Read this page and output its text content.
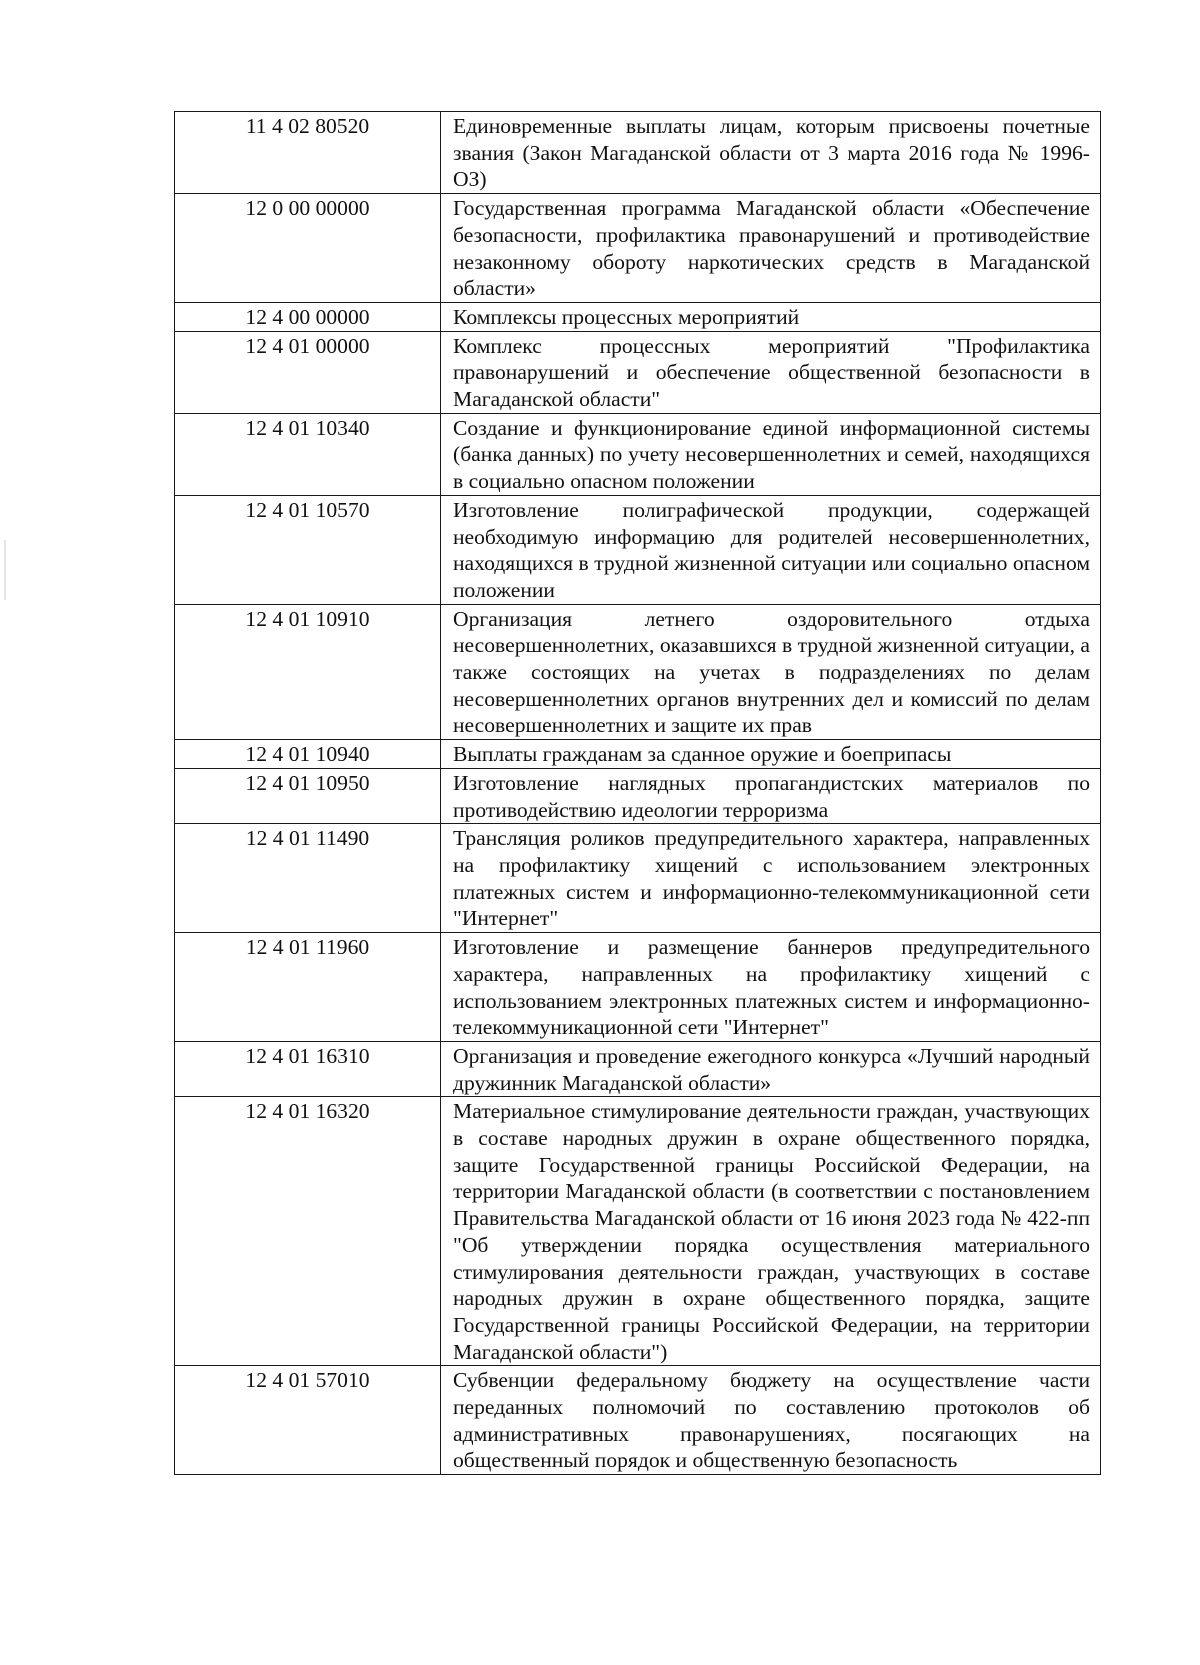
11 4 02 80520	Единовременные выплаты лицам, которым присвоены почетные звания (Закон Магаданской области от 3 марта 2016 года № 1996-ОЗ)
12 0 00 00000	Государственная программа Магаданской области «Обеспечение безопасности, профилактика правонарушений и противодействие незаконному обороту наркотических средств в Магаданской области»
12 4 00 00000	Комплексы процессных мероприятий
12 4 01 00000	Комплекс процессных мероприятий "Профилактика правонарушений и обеспечение общественной безопасности в Магаданской области"
12 4 01 10340	Создание и функционирование единой информационной системы (банка данных) по учету несовершеннолетних и семей, находящихся в социально опасном положении
12 4 01 10570	Изготовление полиграфической продукции, содержащей необходимую информацию для родителей несовершеннолетних, находящихся в трудной жизненной ситуации или социально опасном положении
12 4 01 10910	Организация летнего оздоровительного отдыха несовершеннолетних, оказавшихся в трудной жизненной ситуации, а также состоящих на учетах в подразделениях по делам несовершеннолетних органов внутренних дел и комиссий по делам несовершеннолетних и защите их прав
12 4 01 10940	Выплаты гражданам за сданное оружие и боеприпасы
12 4 01 10950	Изготовление наглядных пропагандистских материалов по противодействию идеологии терроризма
12 4 01 11490	Трансляция роликов предупредительного характера, направленных на профилактику хищений с использованием электронных платежных систем и информационно-телекоммуникационной сети "Интернет"
12 4 01 11960	Изготовление и размещение баннеров предупредительного характера, направленных на профилактику хищений с использованием электронных платежных систем и информационно-телекоммуникационной сети "Интернет"
12 4 01 16310	Организация и проведение ежегодного конкурса «Лучший народный дружинник Магаданской области»
12 4 01 16320	Материальное стимулирование деятельности граждан, участвующих в составе народных дружин в охране общественного порядка, защите Государственной границы Российской Федерации, на территории Магаданской области (в соответствии с постановлением Правительства Магаданской области от 16 июня 2023 года № 422-пп "Об утверждении порядка осуществления материального стимулирования деятельности граждан, участвующих в составе народных дружин в охране общественного порядка, защите Государственной границы Российской Федерации, на территории Магаданской области")
12 4 01 57010	Субвенции федеральному бюджету на осуществление части переданных полномочий по составлению протоколов об административных правонарушениях, посягающих на общественный порядок и общественную безопасность
